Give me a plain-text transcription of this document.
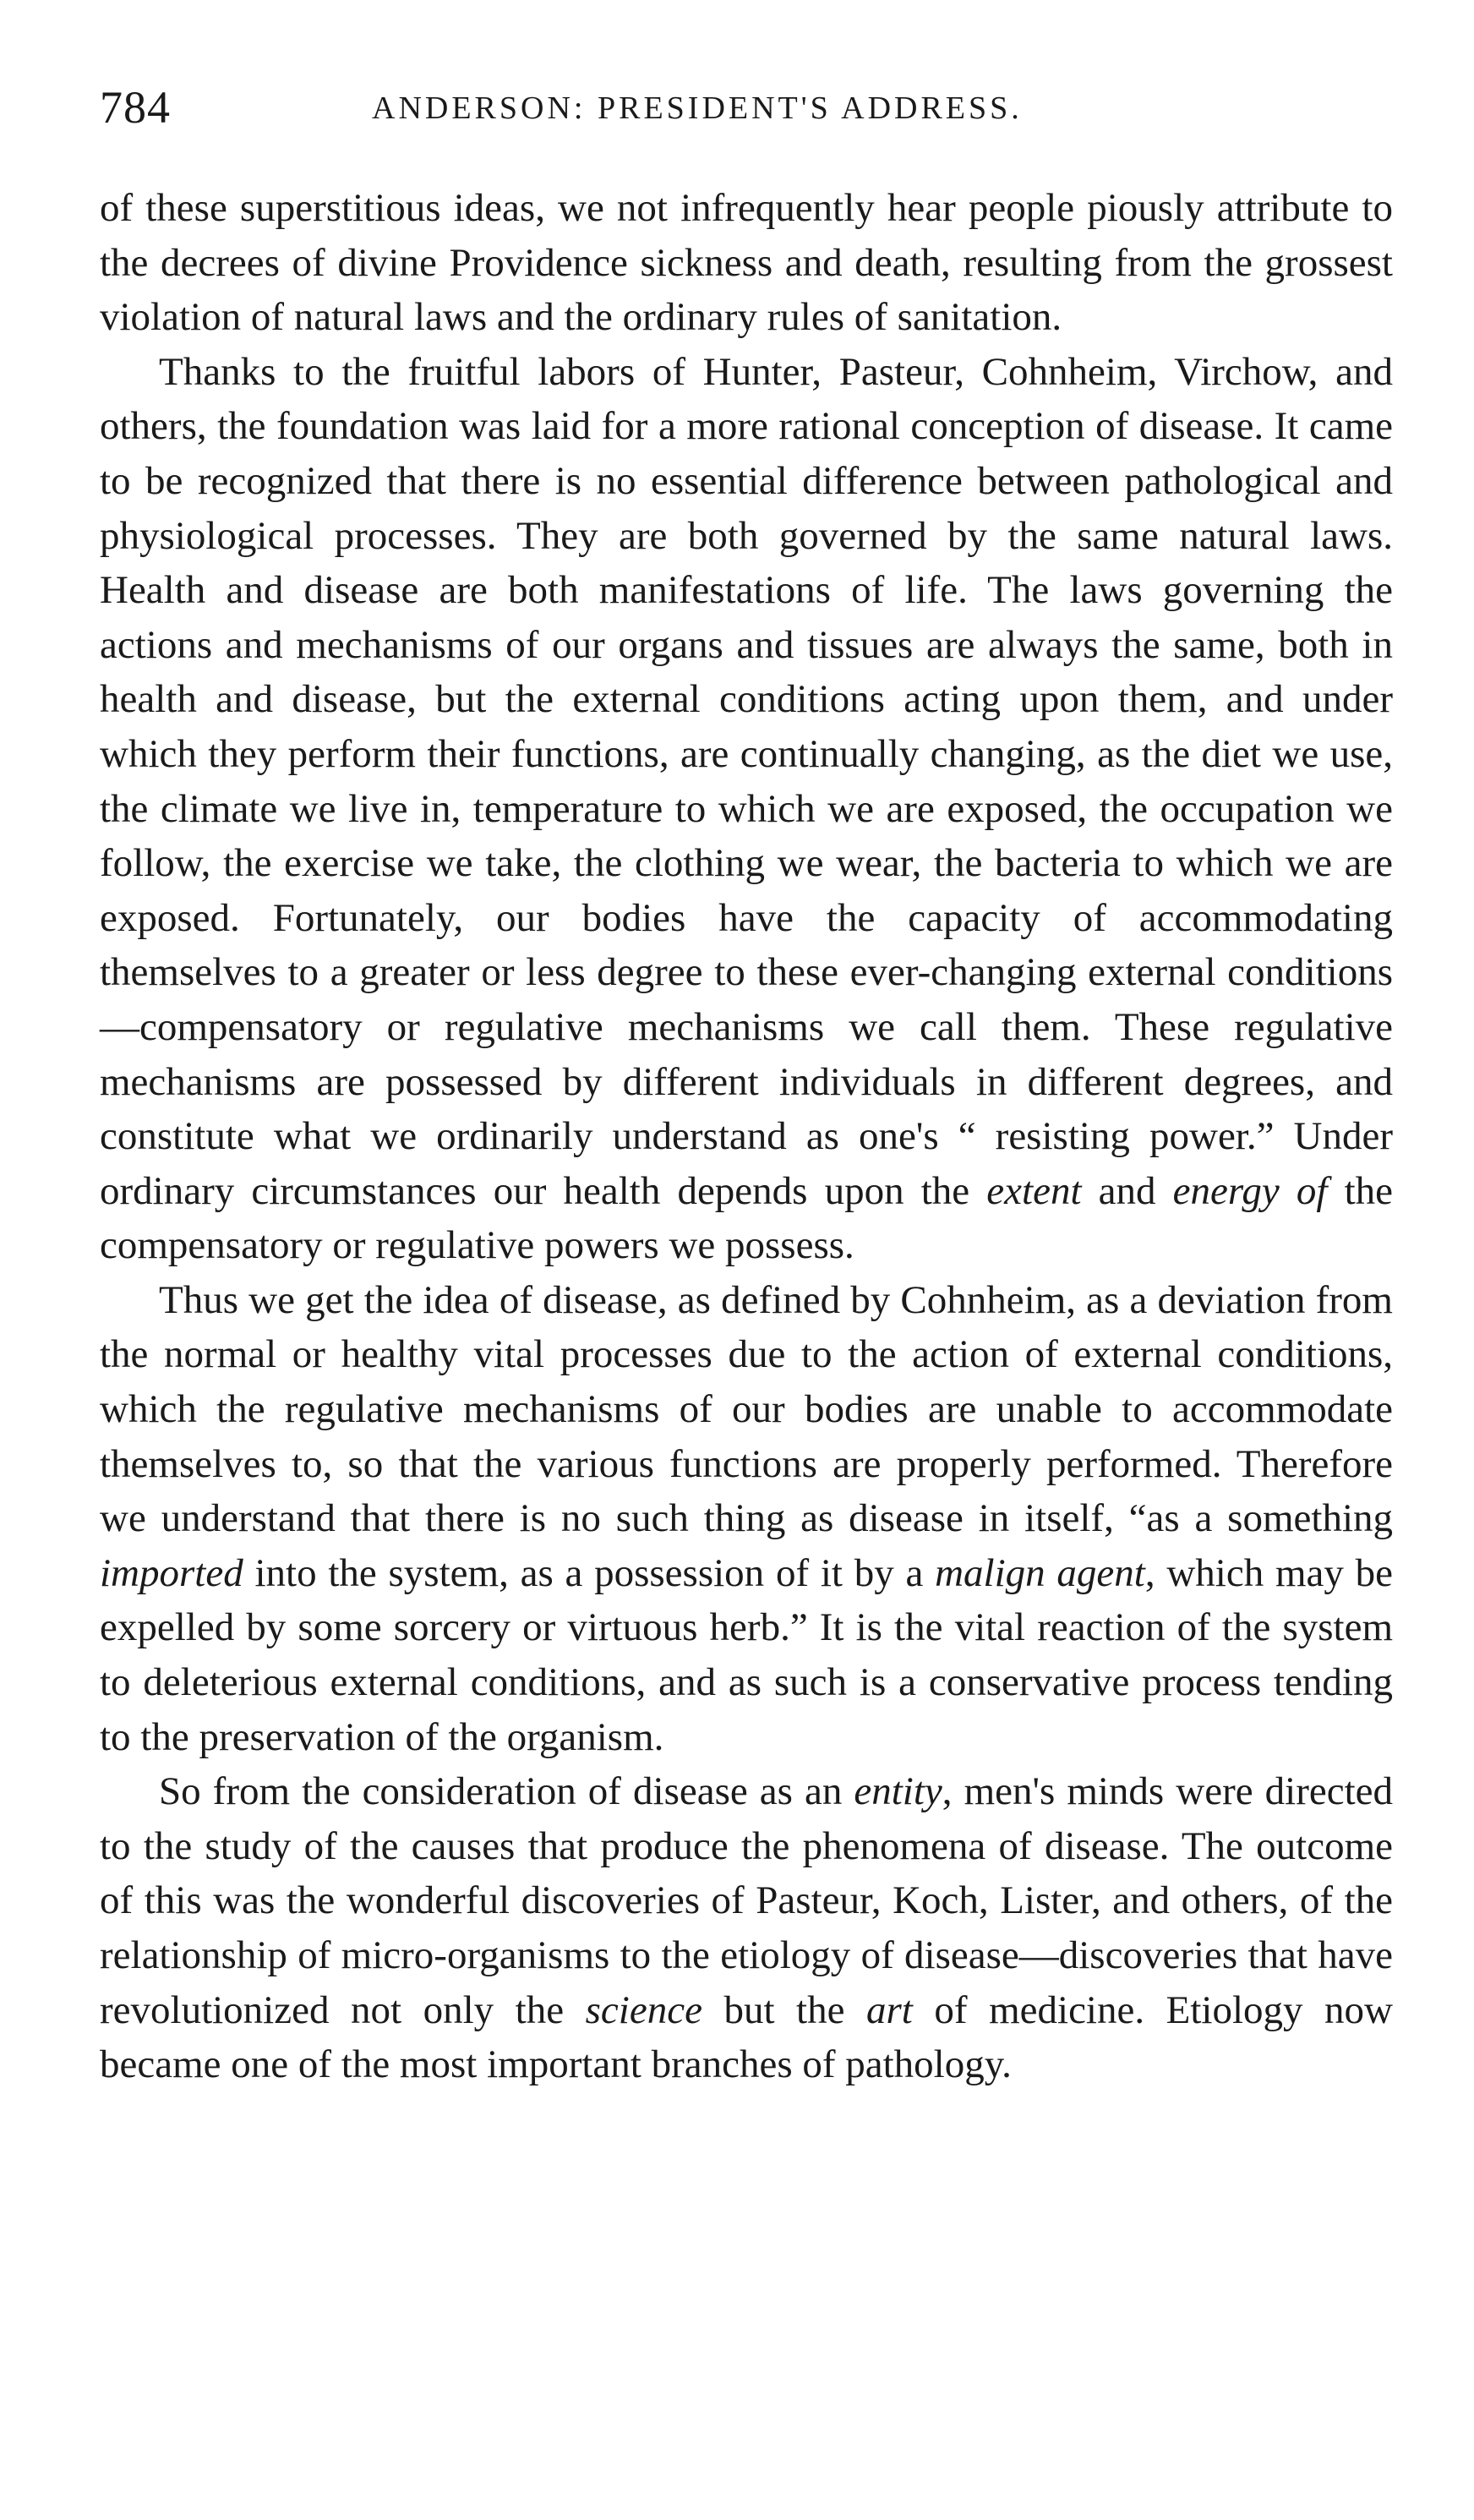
784	ANDERSON: PRESIDENT'S ADDRESS.

of these superstitious ideas, we not infrequently hear people piously attribute to the decrees of divine Providence sickness and death, resulting from the grossest violation of natural laws and the ordinary rules of sanitation.

Thanks to the fruitful labors of Hunter, Pasteur, Cohnheim, Virchow, and others, the foundation was laid for a more rational conception of disease. It came to be recognized that there is no essential difference between pathological and physiological processes. They are both governed by the same natural laws. Health and disease are both manifestations of life. The laws governing the actions and mechanisms of our organs and tissues are always the same, both in health and disease, but the external conditions acting upon them, and under which they perform their functions, are continually changing, as the diet we use, the climate we live in, temperature to which we are exposed, the occupation we follow, the exercise we take, the clothing we wear, the bacteria to which we are exposed. Fortunately, our bodies have the capacity of accommodating themselves to a greater or less degree to these ever-changing external conditions—compensatory or regulative mechanisms we call them. These regulative mechanisms are possessed by different individuals in different degrees, and constitute what we ordinarily understand as one's “ resisting power.” Under ordinary circumstances our health depends upon the extent and energy of the compensatory or regulative powers we possess.

Thus we get the idea of disease, as defined by Cohnheim, as a deviation from the normal or healthy vital processes due to the action of external conditions, which the regulative mechanisms of our bodies are unable to accommodate themselves to, so that the various functions are properly performed. Therefore we understand that there is no such thing as disease in itself, “as a something imported into the system, as a possession of it by a malign agent, which may be expelled by some sorcery or virtuous herb.” It is the vital reaction of the system to deleterious external conditions, and as such is a conservative process tending to the preservation of the organism.

So from the consideration of disease as an entity, men's minds were directed to the study of the causes that produce the phenomena of disease. The outcome of this was the wonderful discoveries of Pasteur, Koch, Lister, and others, of the relationship of micro-organisms to the etiology of disease—discoveries that have revolutionized not only the science but the art of medicine. Etiology now became one of the most important branches of pathology.
